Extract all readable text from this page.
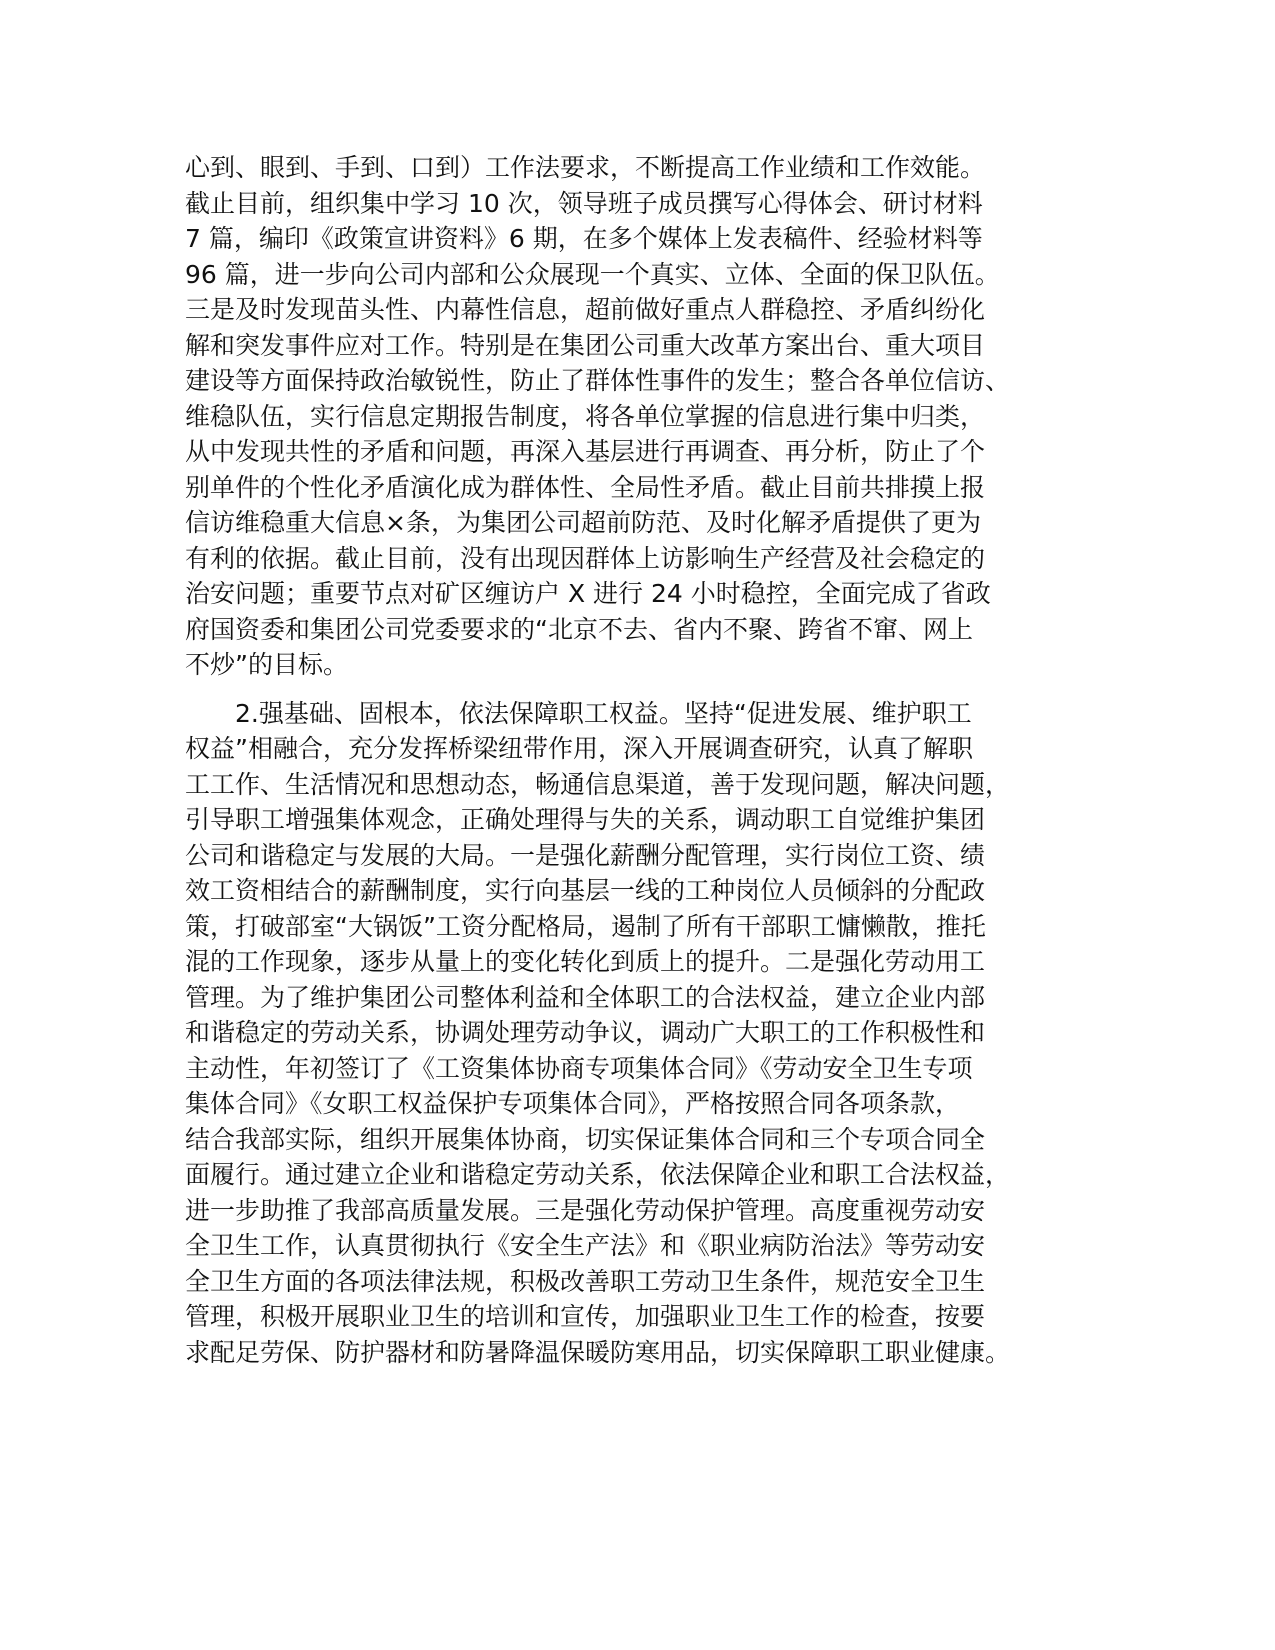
心到、眼到、手到、口到）工作法要求，不断提高工作业绩和工作效能。
截止目前，组织集中学习 10 次，领导班子成员撰写心得体会、研讨材料
7 篇，编印《政策宣讲资料》6 期，在多个媒体上发表稿件、经验材料等
96 篇，进一步向公司内部和公众展现一个真实、立体、全面的保卫队伍。
三是及时发现苗头性、内幕性信息，超前做好重点人群稳控、矛盾纠纷化
解和突发事件应对工作。特别是在集团公司重大改革方案出台、重大项目
建设等方面保持政治敏锐性，防止了群体性事件的发生；整合各单位信访、
维稳队伍，实行信息定期报告制度，将各单位掌握的信息进行集中归类，
从中发现共性的矛盾和问题，再深入基层进行再调查、再分析，防止了个
别单件的个性化矛盾演化成为群体性、全局性矛盾。截止目前共排摸上报
信访维稳重大信息×条，为集团公司超前防范、及时化解矛盾提供了更为
有利的依据。截止目前，没有出现因群体上访影响生产经营及社会稳定的
治安问题；重要节点对矿区缠访户 X 进行 24 小时稳控，全面完成了省政
府国资委和集团公司党委要求的“北京不去、省内不聚、跨省不窜、网上
不炒”的目标。
2.强基础、固根本，依法保障职工权益。坚持“促进发展、维护职工
权益”相融合，充分发挥桥梁纽带作用，深入开展调查研究，认真了解职
工工作、生活情况和思想动态，畅通信息渠道，善于发现问题，解决问题，
引导职工增强集体观念，正确处理得与失的关系，调动职工自觉维护集团
公司和谐稳定与发展的大局。一是强化薪酬分配管理，实行岗位工资、绩
效工资相结合的薪酬制度，实行向基层一线的工种岗位人员倾斜的分配政
策，打破部室“大锅饭”工资分配格局，遏制了所有干部职工慵懒散，推托
混的工作现象，逐步从量上的变化转化到质上的提升。二是强化劳动用工
管理。为了维护集团公司整体利益和全体职工的合法权益，建立企业内部
和谐稳定的劳动关系，协调处理劳动争议，调动广大职工的工作积极性和
主动性，年初签订了《工资集体协商专项集体合同》《劳动安全卫生专项
集体合同》《女职工权益保护专项集体合同》，严格按照合同各项条款，
结合我部实际，组织开展集体协商，切实保证集体合同和三个专项合同全
面履行。通过建立企业和谐稳定劳动关系，依法保障企业和职工合法权益，
进一步助推了我部高质量发展。三是强化劳动保护管理。高度重视劳动安
全卫生工作，认真贯彻执行《安全生产法》和《职业病防治法》等劳动安
全卫生方面的各项法律法规，积极改善职工劳动卫生条件，规范安全卫生
管理，积极开展职业卫生的培训和宣传，加强职业卫生工作的检查，按要
求配足劳保、防护器材和防暑降温保暖防寒用品，切实保障职工职业健康。
